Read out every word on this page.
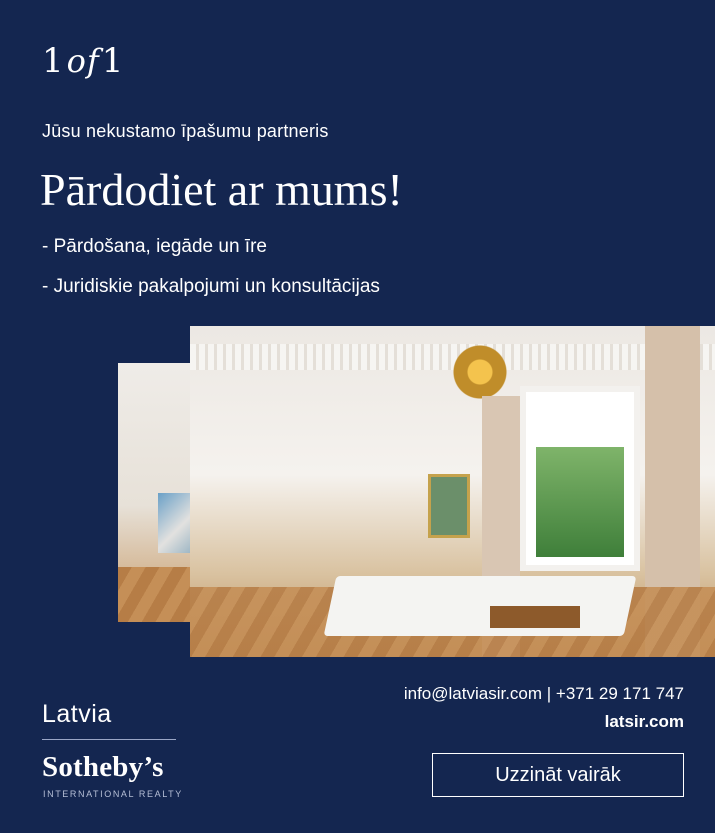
1of1
Jūsu nekustamo īpašumu partneris
Pārdodiet ar mums!
- Pārdošana, iegāde un īre
- Juridiskie pakalpojumi un konsultācijas
info@latviasir.com | +371 29 171 747
latsir.com
Latvia
Sotheby’s
INTERNATIONAL REALTY
Uzzināt vairāk
